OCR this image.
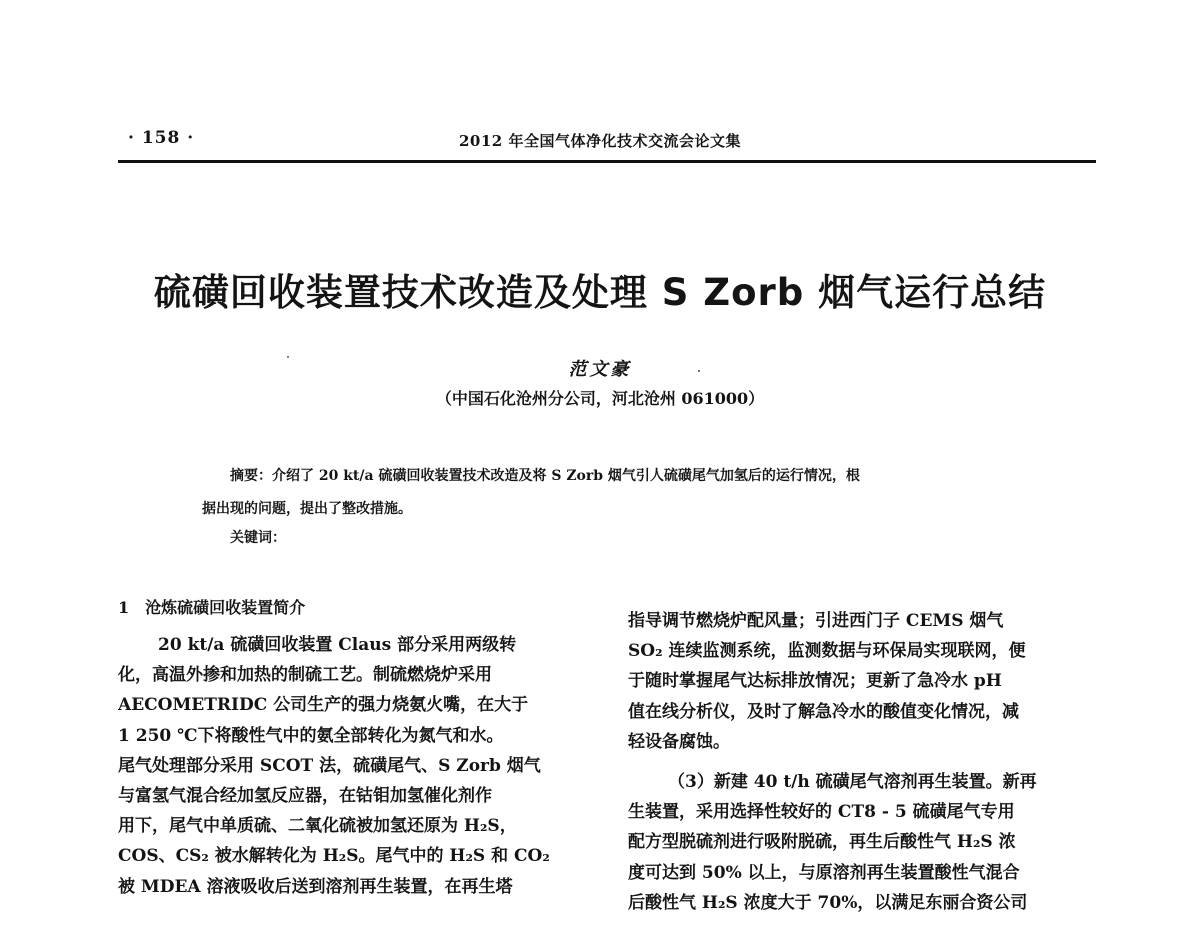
· 158 ·	2012 年全国气体净化技术交流会论文集
硫磺回收装置技术改造及处理 S Zorb 烟气运行总结
范文豪
（中国石化沧州分公司，河北沧州 061000）
摘要：介绍了 20 kt/a 硫磺回收装置技术改造及将 S Zorb 烟气引人硫磺尾气加氢后的运行情况，根
据出现的问题，提出了整改措施。
关键词：
1　沧炼硫磺回收装置简介
20 kt/a 硫磺回收装置 Claus 部分采用两级转
化，高温外掺和加热的制硫工艺。制硫燃烧炉采用
AECOMETRIDC 公司生产的强力烧氨火嘴，在大于
1 250 ℃下将酸性气中的氨全部转化为氮气和水。
尾气处理部分采用 SCOT 法，硫磺尾气、S Zorb 烟气
与富氢气混合经加氢反应器，在钴钼加氢催化剂作
用下，尾气中单质硫、二氧化硫被加氢还原为 H₂S，
COS、CS₂ 被水解转化为 H₂S。尾气中的 H₂S 和 CO₂
被 MDEA 溶液吸收后送到溶剂再生装置，在再生塔
指导调节燃烧炉配风量；引进西门子 CEMS 烟气
SO₂ 连续监测系统，监测数据与环保局实现联网，便
于随时掌握尾气达标排放情况；更新了急冷水 pH
值在线分析仪，及时了解急冷水的酸值变化情况，减
轻设备腐蚀。
（3）新建 40 t/h 硫磺尾气溶剂再生装置。新再
生装置，采用选择性较好的 CT8 - 5 硫磺尾气专用
配方型脱硫剂进行吸附脱硫，再生后酸性气 H₂S 浓
度可达到 50% 以上，与原溶剂再生装置酸性气混合
后酸性气 H₂S 浓度大于 70%，以满足东丽合资公司
